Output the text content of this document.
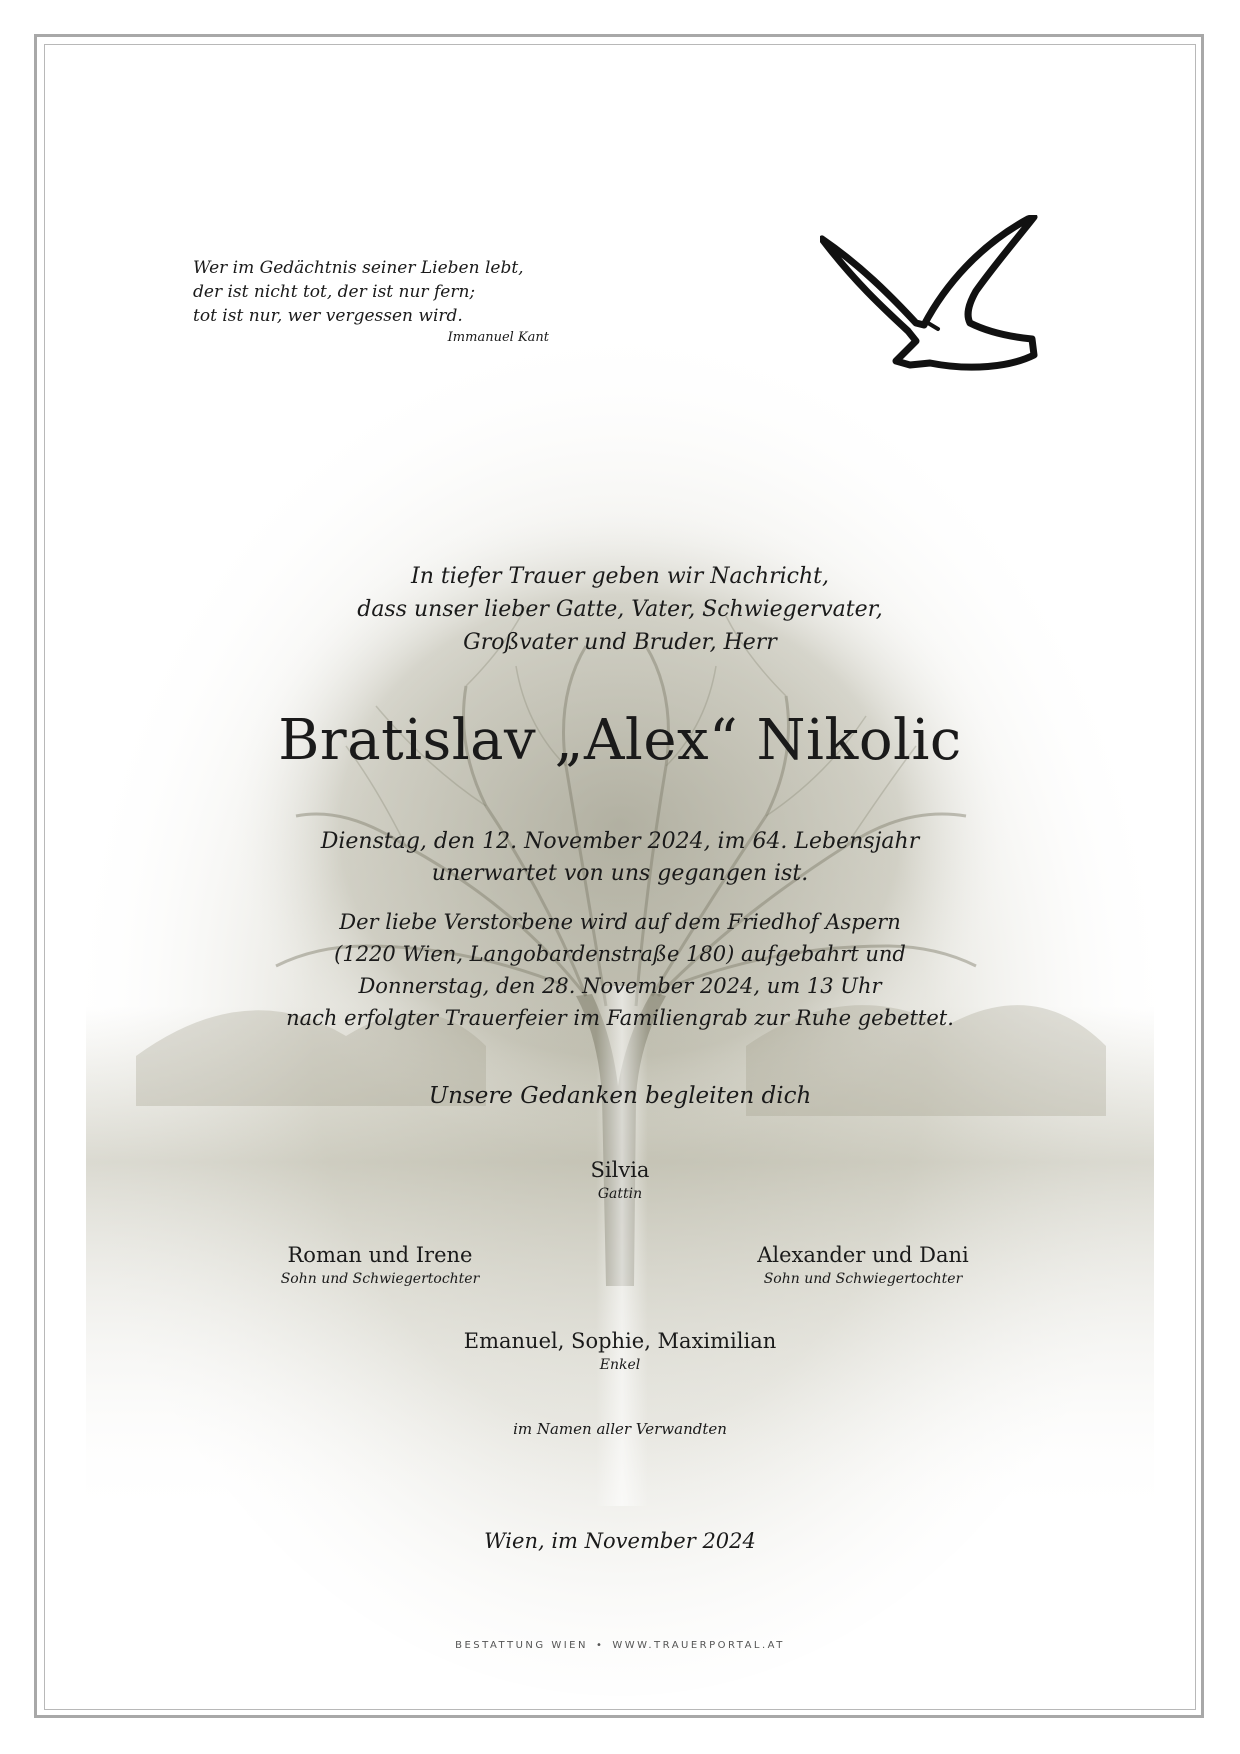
Wer im Gedächtnis seiner Lieben lebt,
der ist nicht tot, der ist nur fern;
tot ist nur, wer vergessen wird.
Immanuel Kant
In tiefer Trauer geben wir Nachricht,
dass unser lieber Gatte, Vater, Schwiegervater,
Großvater und Bruder, Herr
Bratislav „Alex“ Nikolic
Dienstag, den 12. November 2024, im 64. Lebensjahr
unerwartet von uns gegangen ist.
Der liebe Verstorbene wird auf dem Friedhof Aspern
(1220 Wien, Langobardenstraße 180) aufgebahrt und
Donnerstag, den 28. November 2024, um 13 Uhr
nach erfolgter Trauerfeier im Familiengrab zur Ruhe gebettet.
Unsere Gedanken begleiten dich
Silvia
Gattin
Roman und Irene
Sohn und Schwiegertochter
Alexander und Dani
Sohn und Schwiegertochter
Emanuel, Sophie, Maximilian
Enkel
im Namen aller Verwandten
Wien, im November 2024
BESTATTUNG WIEN • WWW.TRAUERPORTAL.AT
